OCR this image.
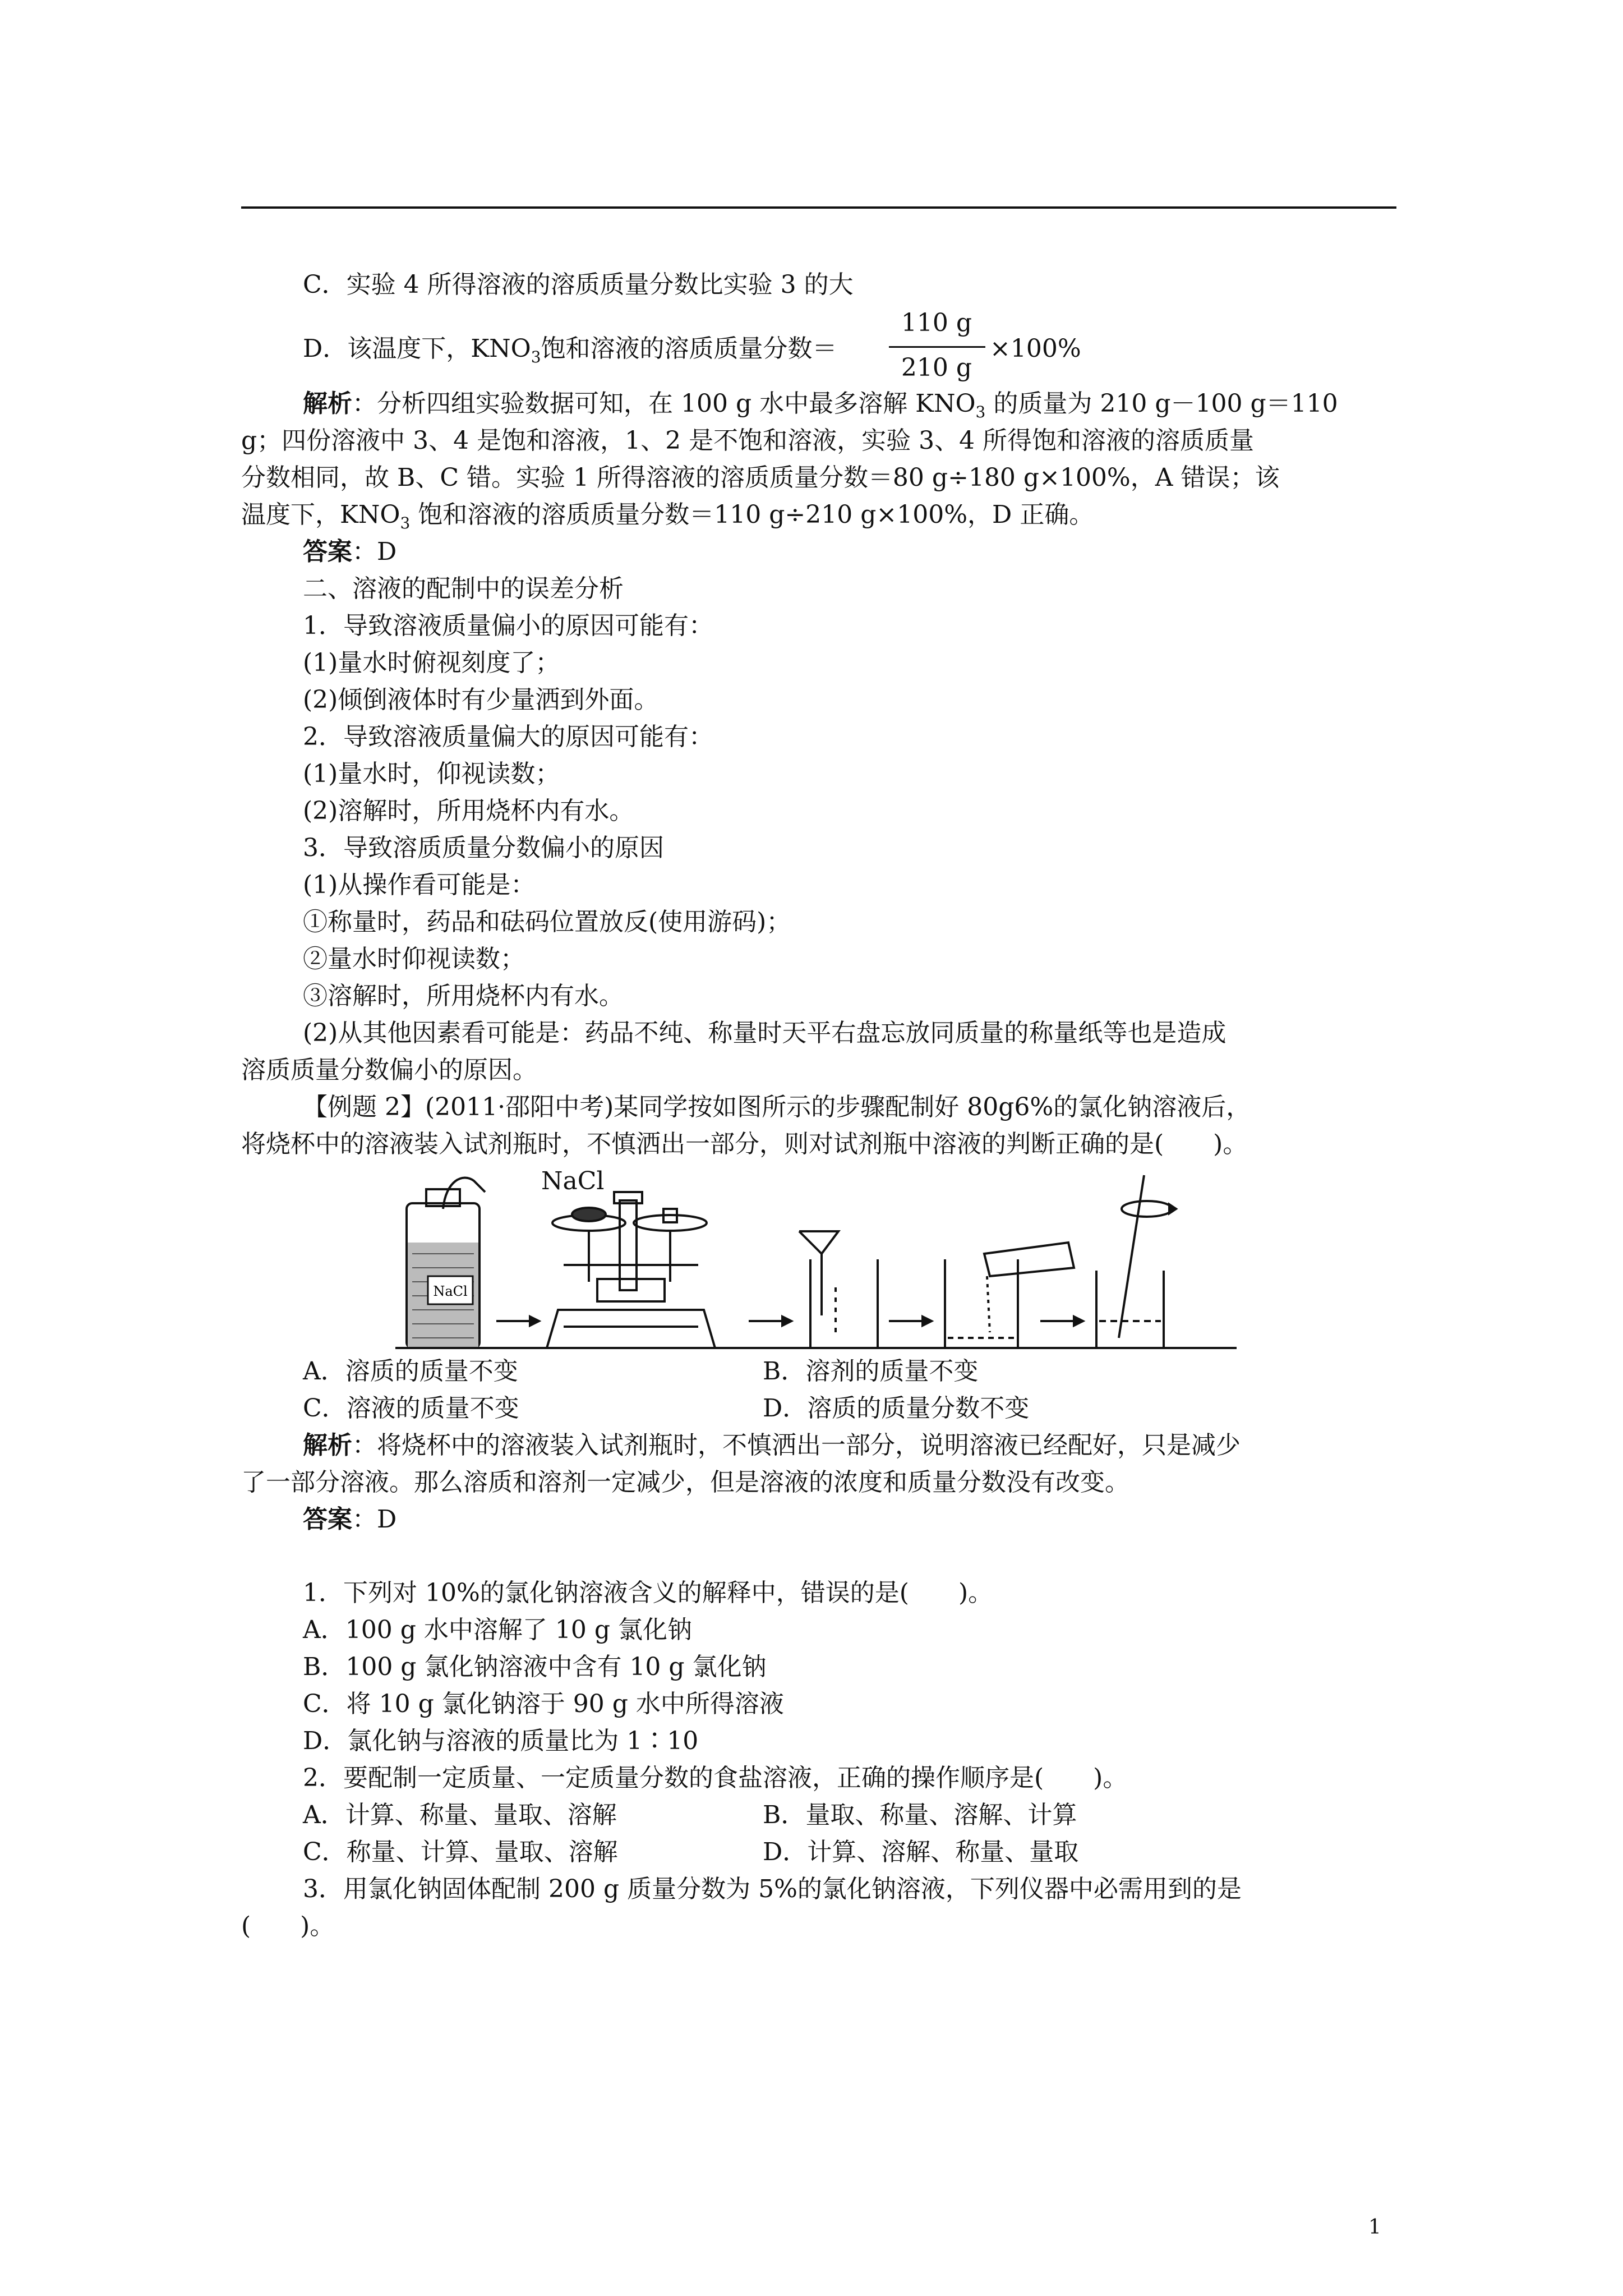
C．实验 4 所得溶液的溶质质量分数比实验 3 的大
D．该温度下，$KNO_3$饱和溶液的溶质质量分数＝
110 g
210 g
×100%
解析：分析四组实验数据可知，在 100 g 水中最多溶解 $KNO_3$ 的质量为 210 g－100 g＝110
g；四份溶液中 3、4 是饱和溶液，1、2 是不饱和溶液，实验 3、4 所得饱和溶液的溶质质量
分数相同，故 B、C 错。实验 1 所得溶液的溶质质量分数＝80 g÷180 g×100%，A 错误；该
温度下，$KNO_3$ 饱和溶液的溶质质量分数＝110 g÷210 g×100%，D 正确。
答案：D
二、溶液的配制中的误差分析
1．导致溶液质量偏小的原因可能有：
(1)量水时俯视刻度了；
(2)倾倒液体时有少量洒到外面。
2．导致溶液质量偏大的原因可能有：
(1)量水时，仰视读数；
(2)溶解时，所用烧杯内有水。
3．导致溶质质量分数偏小的原因
(1)从操作看可能是：
①称量时，药品和砝码位置放反(使用游码)；
②量水时仰视读数；
③溶解时，所用烧杯内有水。
(2)从其他因素看可能是：药品不纯、称量时天平右盘忘放同质量的称量纸等也是造成
溶质质量分数偏小的原因。
【例题 2】(2011·邵阳中考)某同学按如图所示的步骤配制好 80g6%的氯化钠溶液后，
将烧杯中的溶液装入试剂瓶时，不慎洒出一部分，则对试剂瓶中溶液的判断正确的是(　　)。
NaCl
NaCl
A．溶质的质量不变	B．溶剂的质量不变
C．溶液的质量不变	D．溶质的质量分数不变
解析：将烧杯中的溶液装入试剂瓶时，不慎洒出一部分，说明溶液已经配好，只是减少
了一部分溶液。那么溶质和溶剂一定减少，但是溶液的浓度和质量分数没有改变。
答案：D
1．下列对 10%的氯化钠溶液含义的解释中，错误的是(　　)。
A．100 g 水中溶解了 10 g 氯化钠
B．100 g 氯化钠溶液中含有 10 g 氯化钠
C．将 10 g 氯化钠溶于 90 g 水中所得溶液
D．氯化钠与溶液的质量比为 1∶10
2．要配制一定质量、一定质量分数的食盐溶液，正确的操作顺序是(　　)。
A．计算、称量、量取、溶解	B．量取、称量、溶解、计算
C．称量、计算、量取、溶解	D．计算、溶解、称量、量取
3．用氯化钠固体配制 200 g 质量分数为 5%的氯化钠溶液，下列仪器中必需用到的是
(　　)。
1
